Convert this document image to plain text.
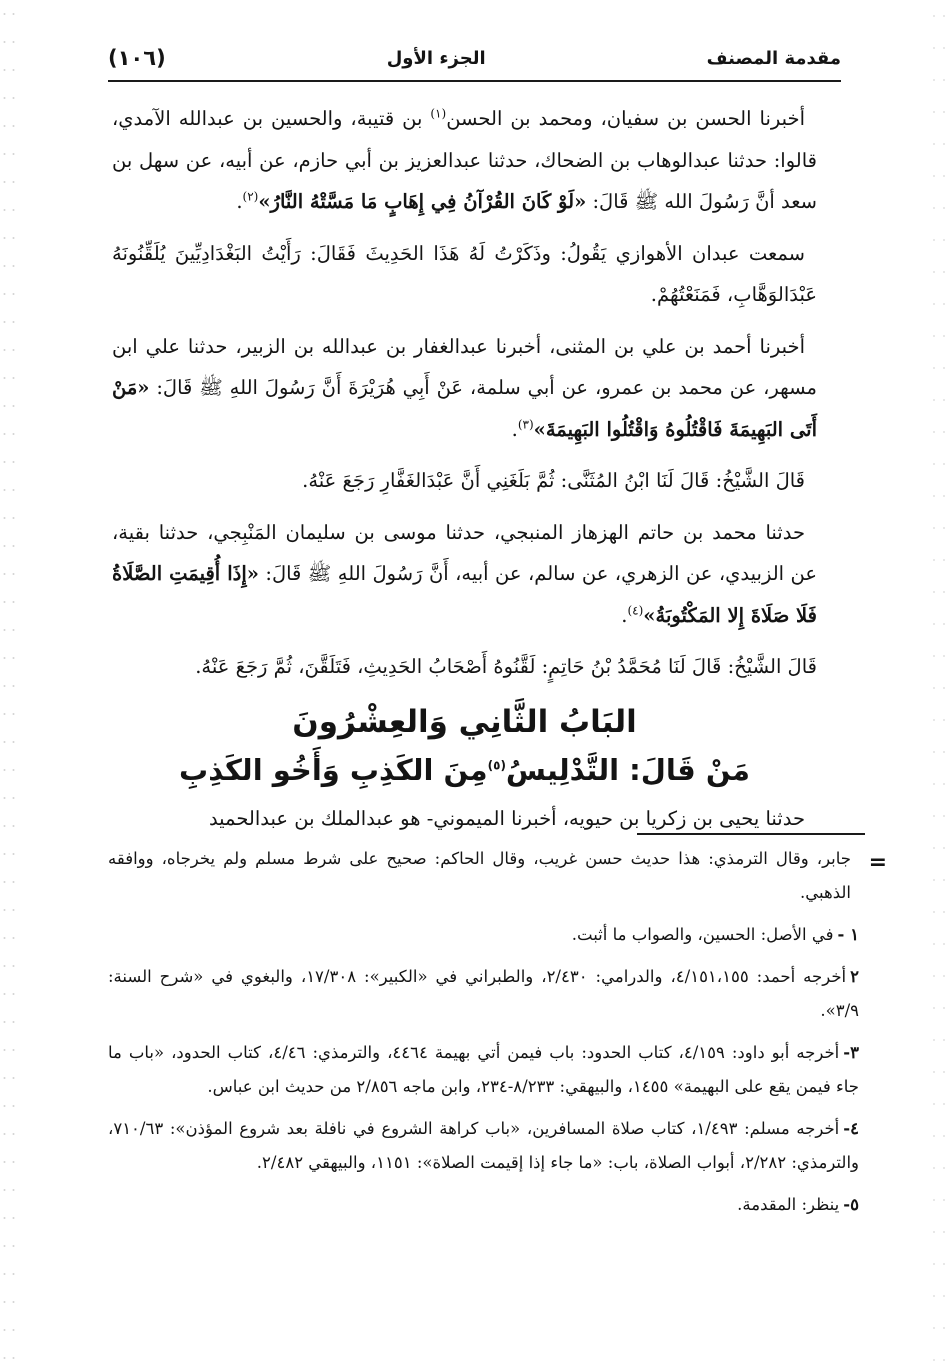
مقدمة المصنف
الجزء الأول
(١٠٦)

أخبرنا الحسن بن سفيان، ومحمد بن الحسن$^{(١)}$ بن قتيبة، والحسين بن عبدالله الآمدي، قالوا: حدثنا عبدالوهاب بن الضحاك، حدثنا عبدالعزيز بن أبي حازم، عن أبيه، عن سهل بن سعد أنَّ رَسُولَ الله ﷺ قَالَ: «لَوْ كَانَ القُرْآنُ فِي إِهَابٍ مَا مَسَّتْهُ النَّارُ»$^{(٢)}$.

سمعت عبدان الأهوازي يَقُولُ: وذَكَرْتُ لَهُ هَذَا الحَدِيثَ فَقَالَ: رَأَيْتُ البَغْدَادِيِّينَ يُلَقِّنُونَهُ عَبْدَالوَهَّابِ، فَمَنَعْتُهُمْ.

أخبرنا أحمد بن علي بن المثنى، أخبرنا عبدالغفار بن عبدالله بن الزبير، حدثنا علي ابن مسهر، عن محمد بن عمرو، عن أبي سلمة، عَنْ أَبِي هُرَيْرَةَ أَنَّ رَسُولَ اللهِ ﷺ قَالَ: «مَنْ أَتَى البَهِيمَةَ فَاقْتُلُوهُ وَاقْتُلُوا البَهِيمَةَ»$^{(٣)}$.

قَالَ الشَّيْخُ: قَالَ لَنَا ابْنُ المُثَنَّى: ثُمَّ بَلَغَنِي أَنَّ عَبْدَالغَفَّارِ رَجَعَ عَنْهُ.

حدثنا محمد بن حاتم الهزهاز المنبجي، حدثنا موسى بن سليمان المَنْبِجي، حدثنا بقية، عن الزبيدي، عن الزهري، عن سالم، عن أبيه، أَنَّ رَسُولَ اللهِ ﷺ قَالَ: «إِذَا أُقِيمَتِ الصَّلَاةُ فَلَا صَلَاةَ إِلا المَكْتُوبَةُ»$^{(٤)}$.

قَالَ الشَّيْخُ: قَالَ لَنَا مُحَمَّدُ بْنُ حَاتِمٍ: لَقَّنُوهُ أَصْحَابُ الحَدِيثِ، فَتَلَقَّنَ، ثُمَّ رَجَعَ عَنْهُ.

البَابُ الثَّانِي وَالعِشْرُونَ
مَنْ قَالَ: التَّدْلِيسُ$^{(٥)}$مِنَ الكَذِبِ وَأَخُو الكَذِبِ

حدثنا يحيى بن زكريا بن حيويه، أخبرنا الميموني- هو عبدالملك بن عبدالحميد

=

جابر، وقال الترمذي: هذا حديث حسن غريب، وقال الحاكم: صحيح على شرط مسلم ولم يخرجاه، ووافقه الذهبي.

١ -في الأصل: الحسين، والصواب ما أثبت.

٢أخرجه أحمد: ٤/١٥١،١٥٥، والدرامي: ٢/٤٣٠، والطبراني في «الكبير»: ١٧/٣٠٨، والبغوي في «شرح السنة: ٣/٩».

٣-أخرجه أبو داود: ٤/١٥٩، كتاب الحدود: باب فيمن أتي بهيمة ٤٤٦٤، والترمذي: ٤/٤٦، كتاب الحدود، «باب ما جاء فيمن يقع على البهيمة» ١٤٥٥، والبيهقي: ٨/٢٣٣-٢٣٤، وابن ماجه ٢/٨٥٦ من حديث ابن عباس.

٤-أخرجه مسلم: ١/٤٩٣، كتاب صلاة المسافرين، «باب كراهة الشروع في نافلة بعد شروع المؤذن»: ٧١٠/٦٣، والترمذي: ٢/٢٨٢، أبواب الصلاة، باب: «ما جاء إذا إقيمت الصلاة»: ١١٥١، والبيهقي ٢/٤٨٢.

٥-ينظر: المقدمة.
